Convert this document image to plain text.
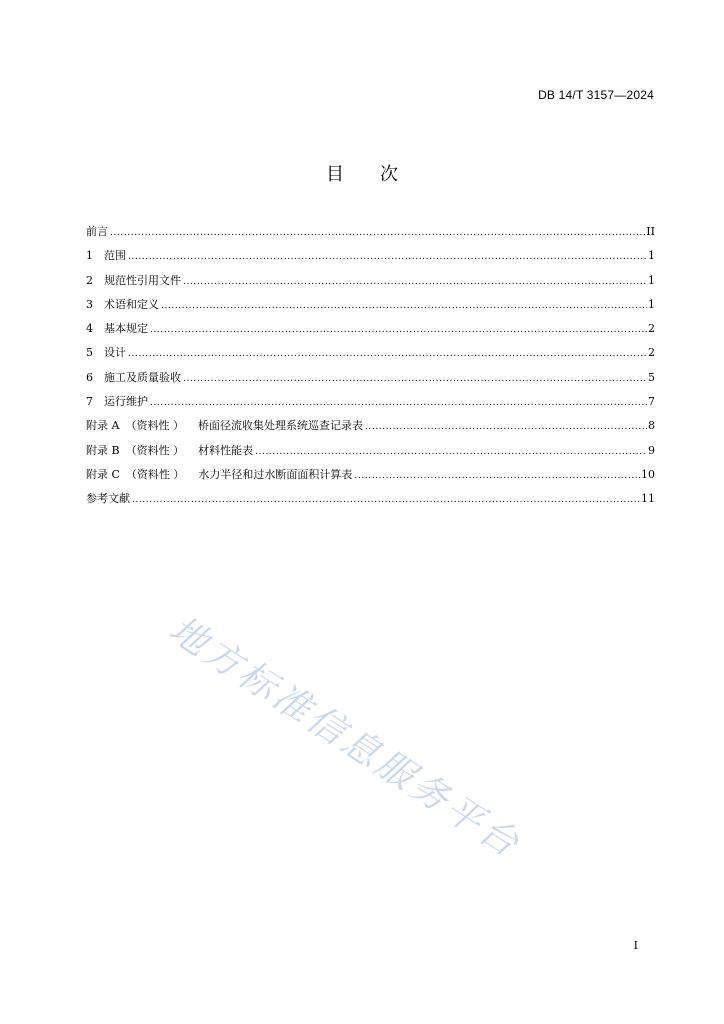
DB 14/T 3157—2024
目 次
前言 .....	II
1 范围 .....	1
2 规范性引用文件 .....	1
3 术语和定义 .....	1
4 基本规定 .....	2
5 设计 .....	2
6 施工及质量验收 .....	5
7 运行维护 .....	7
附录 A （资料性 ） 桥面径流收集处理系统巡查记录表 .....	8
附录 B （资料性 ） 材料性能表 .....	9
附录 C （资料性 ） 水力半径和过水断面面积计算表 .....	10
参考文献 .....	11
地方标准信息服务平台
I
